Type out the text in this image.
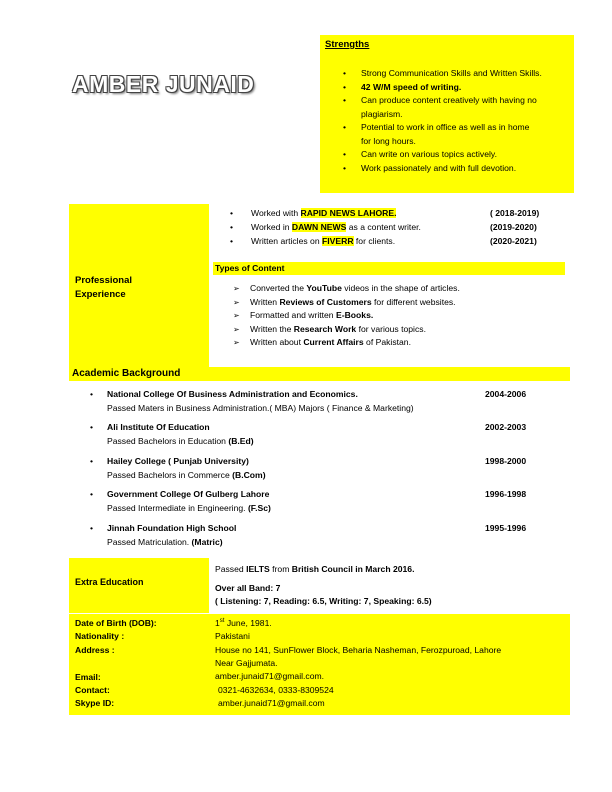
AMBER JUNAID
Strengths
• Strong Communication Skills and Written Skills.
• 42 W/M speed of writing.
• Can produce content creatively with having no
plagiarism.
• Potential to work in office as well as in home
for long hours.
• Can write on various topics actively.
• Work passionately and with full devotion.
Professional
Experience
• Worked with RAPID NEWS LAHORE.	( 2018-2019)
• Worked in DAWN NEWS as a content writer.	(2019-2020)
• Written articles on FIVERR for clients.	(2020-2021)
Types of Content
➢ Converted the YouTube videos in the shape of articles.
➢ Written Reviews of Customers for different websites.
➢ Formatted and written E-Books.
➢ Written the Research Work for various topics.
➢ Written about Current Affairs of Pakistan.
Academic Background
• National College Of Business Administration and Economics.	2004-2006
Passed Maters in Business Administration.( MBA) Majors ( Finance & Marketing)
• Ali Institute Of Education	2002-2003
Passed Bachelors in Education (B.Ed)
• Hailey College ( Punjab University)	1998-2000
Passed Bachelors in Commerce (B.Com)
• Government College Of Gulberg Lahore	1996-1998
Passed Intermediate in Engineering. (F.Sc)
• Jinnah Foundation High School	1995-1996
Passed Matriculation. (Matric)
Extra Education
Passed IELTS from British Council in March 2016.
Over all Band: 7
( Listening: 7, Reading: 6.5, Writing: 7, Speaking: 6.5)
Date of Birth (DOB):	1st June, 1981.
Nationality :	Pakistani
Address :	House no 141, SunFlower Block, Beharia Nasheman, Ferozpuroad, Lahore
Near Gajjumata.
Email:	amber.junaid71@gmail.com.
Contact:	0321-4632634, 0333-8309524
Skype ID:	amber.junaid71@gmail.com
